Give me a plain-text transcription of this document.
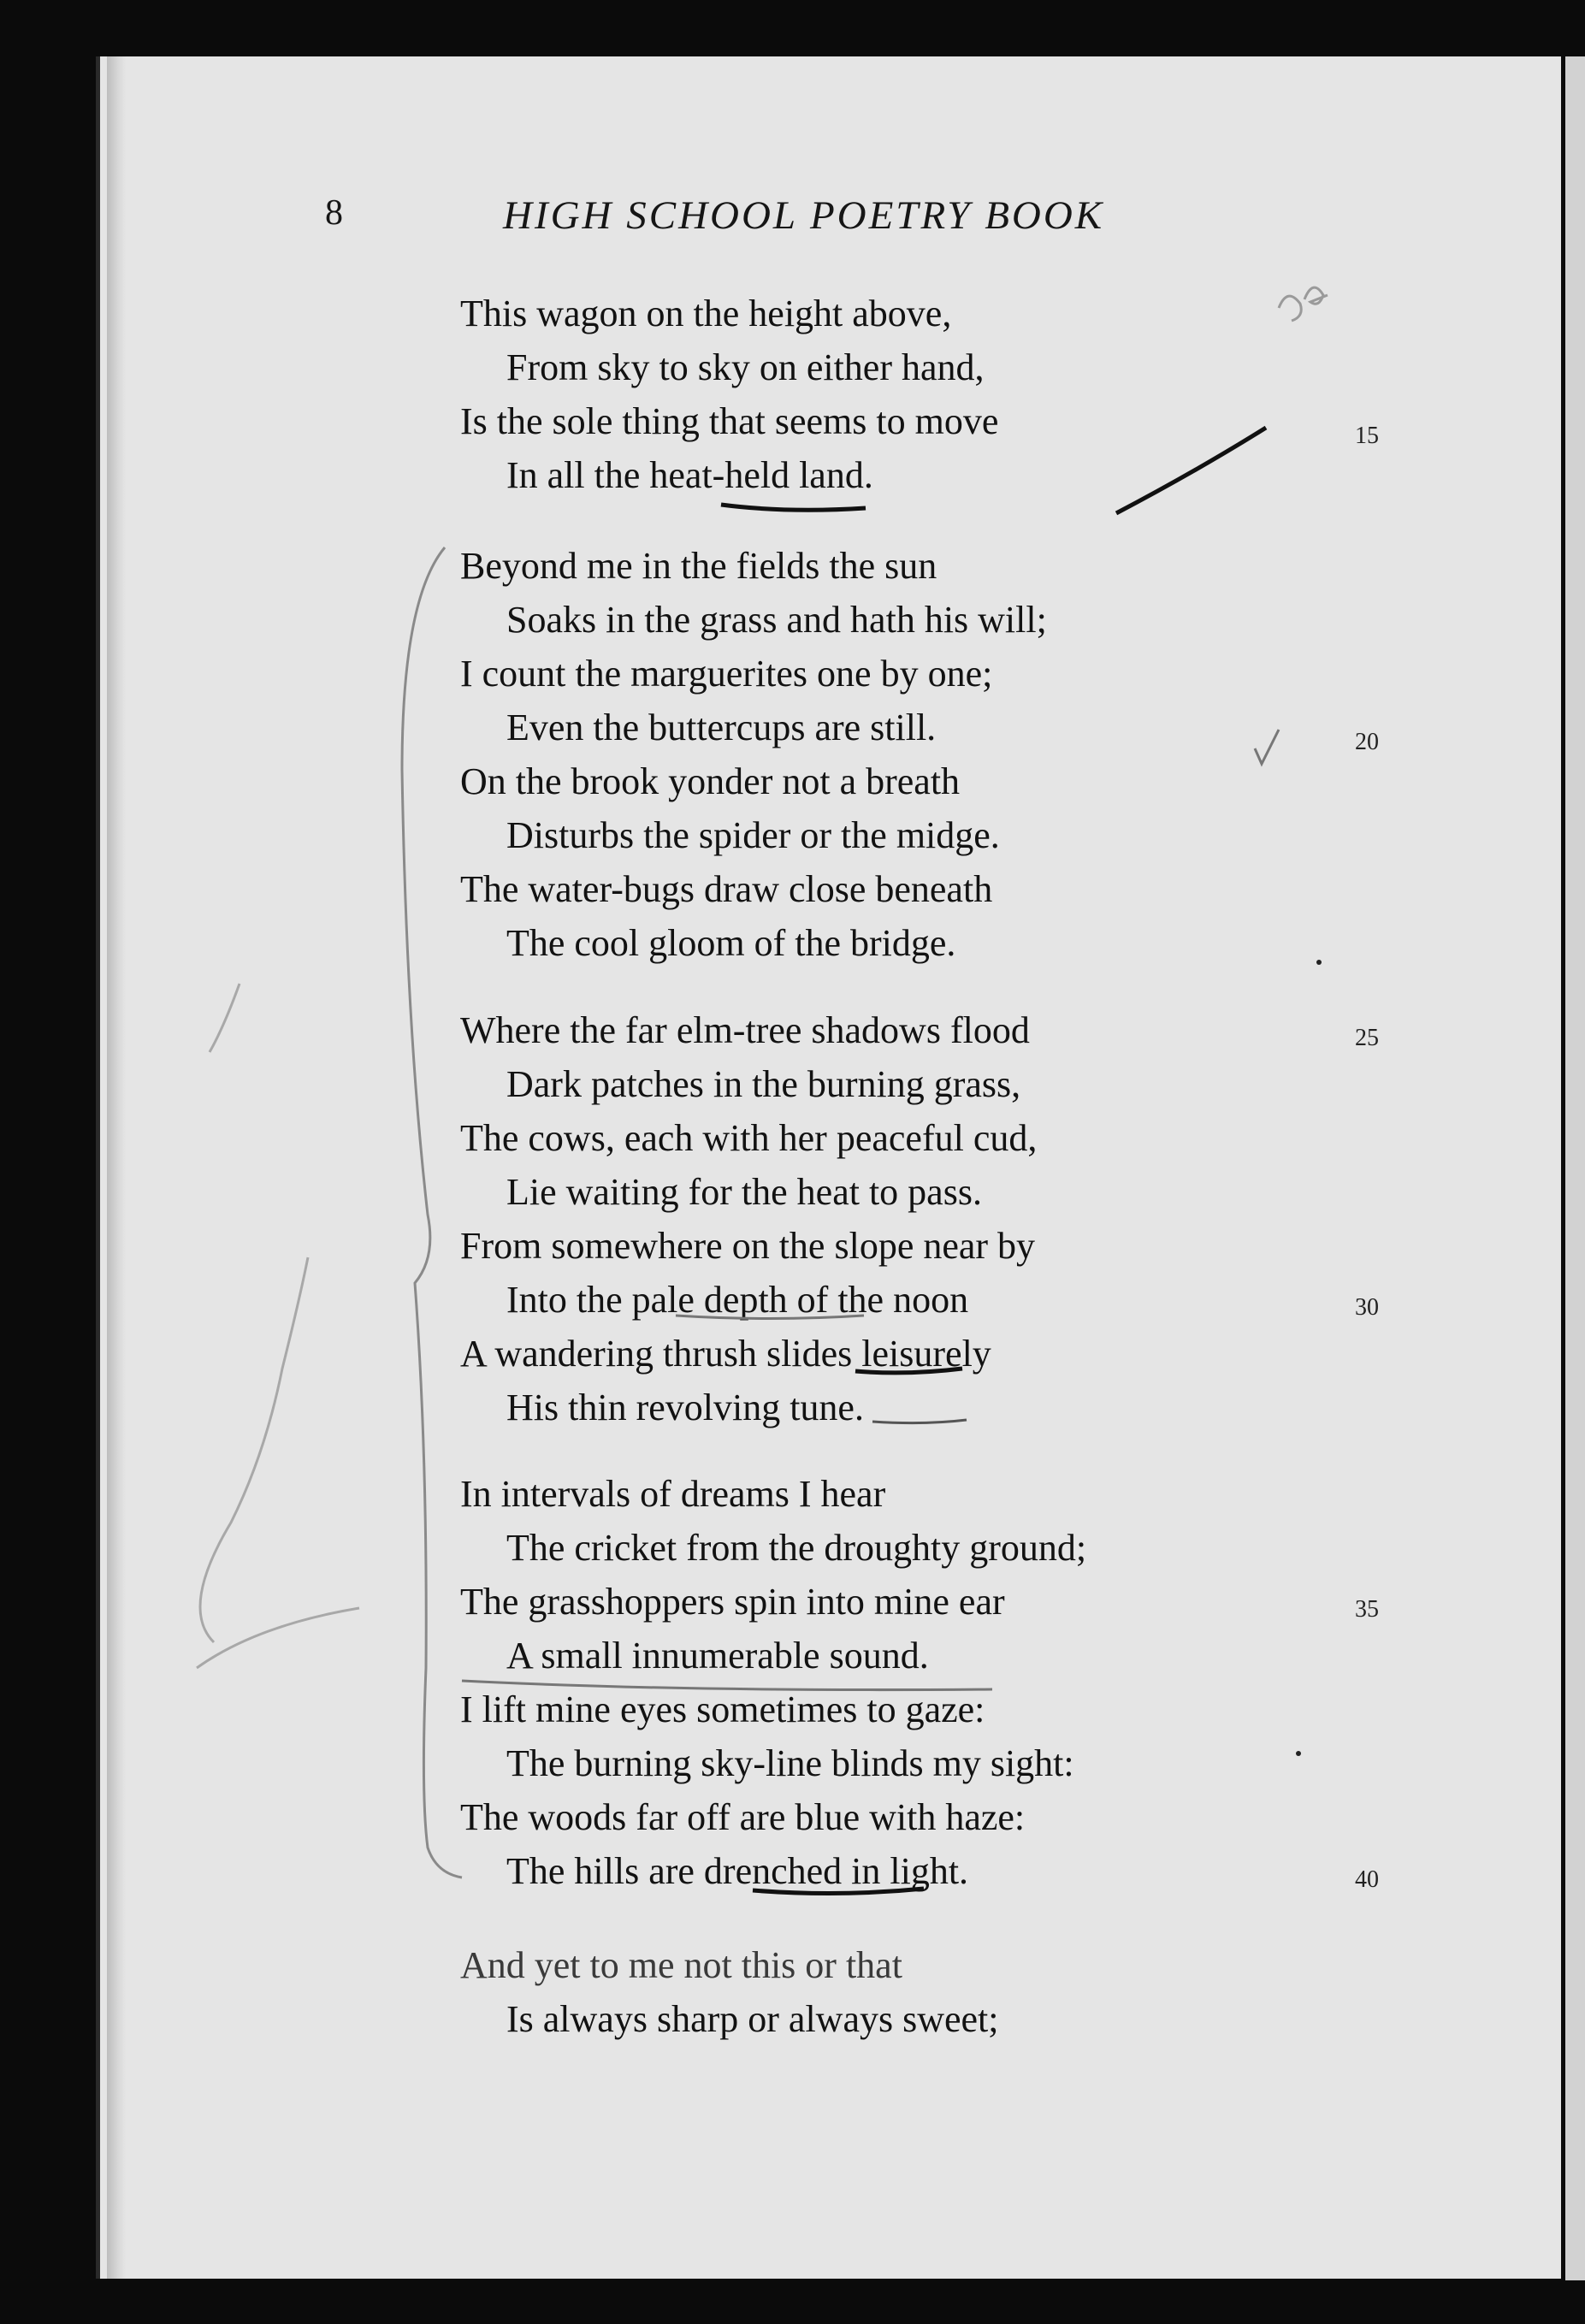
8	HIGH SCHOOL POETRY BOOK
This wagon on the height above,
From sky to sky on either hand,
Is the sole thing that seems to move
In all the heat-held land.
Beyond me in the fields the sun
Soaks in the grass and hath his will;
I count the marguerites one by one;
Even the buttercups are still.
On the brook yonder not a breath
Disturbs the spider or the midge.
The water-bugs draw close beneath
The cool gloom of the bridge.
Where the far elm-tree shadows flood
Dark patches in the burning grass,
The cows, each with her peaceful cud,
Lie waiting for the heat to pass.
From somewhere on the slope near by
Into the pale depth of the noon
A wandering thrush slides leisurely
His thin revolving tune.
In intervals of dreams I hear
The cricket from the droughty ground;
The grasshoppers spin into mine ear
A small innumerable sound.
I lift mine eyes sometimes to gaze:
The burning sky-line blinds my sight:
The woods far off are blue with haze:
The hills are drenched in light.
And yet to me not this or that
Is always sharp or always sweet;
15
20
25
30
35
40
